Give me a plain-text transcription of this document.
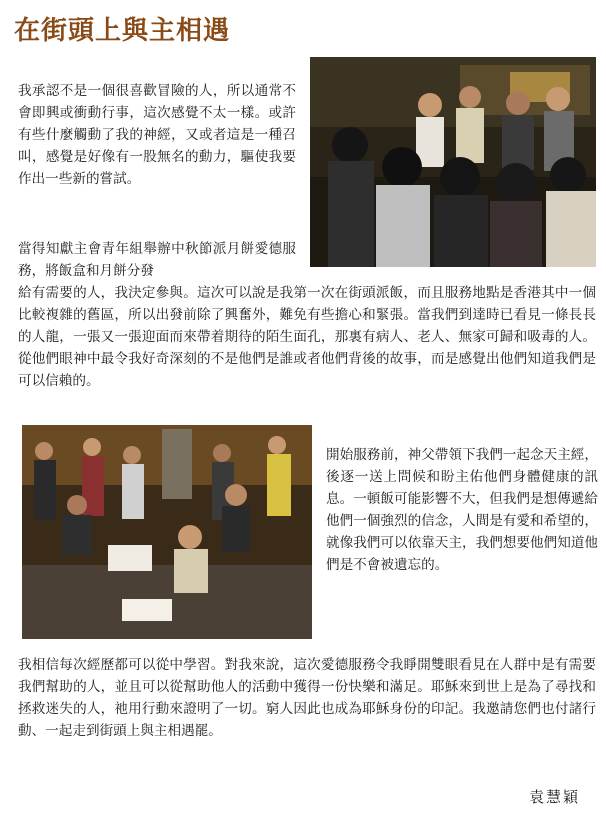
在街頭上與主相遇

我承認不是一個很喜歡冒險的人，所以通常不會即興或衝動行事，這次感覺不太一樣。或許有些什麼觸動了我的神經，又或者這是一種召叫，感覺是好像有一股無名的動力，驅使我要作出一些新的嘗試。

當得知獻主會青年組舉辦中秋節派月餅愛德服務，將飯盒和月餅分發

給有需要的人，我決定參與。這次可以說是我第一次在街頭派飯，而且服務地點是香港其中一個比較複雜的舊區，所以出發前除了興奮外，難免有些擔心和緊張。當我們到達時已看見一條長長的人龍，一張又一張迎面而來帶着期待的陌生面孔，那裏有病人、老人、無家可歸和吸毒的人。從他們眼神中最令我好奇深刻的不是他們是誰或者他們背後的故事，而是感覺出他們知道我們是可以信賴的。

開始服務前，神父帶領下我們一起念天主經，後逐一送上問候和盼主佑他們身體健康的訊息。一頓飯可能影響不大，但我們是想傳遞給他們一個強烈的信念，人間是有愛和希望的，就像我們可以依靠天主，我們想要他們知道他們是不會被遺忘的。

我相信每次經歷都可以從中學習。對我來說，這次愛德服務令我睜開雙眼看見在人群中是有需要我們幫助的人，並且可以從幫助他人的活動中獲得一份快樂和滿足。耶穌來到世上是為了尋找和拯救迷失的人，祂用行動來證明了一切。窮人因此也成為耶穌身份的印記。我邀請您們也付諸行動、一起走到街頭上與主相遇罷。

袁慧穎
